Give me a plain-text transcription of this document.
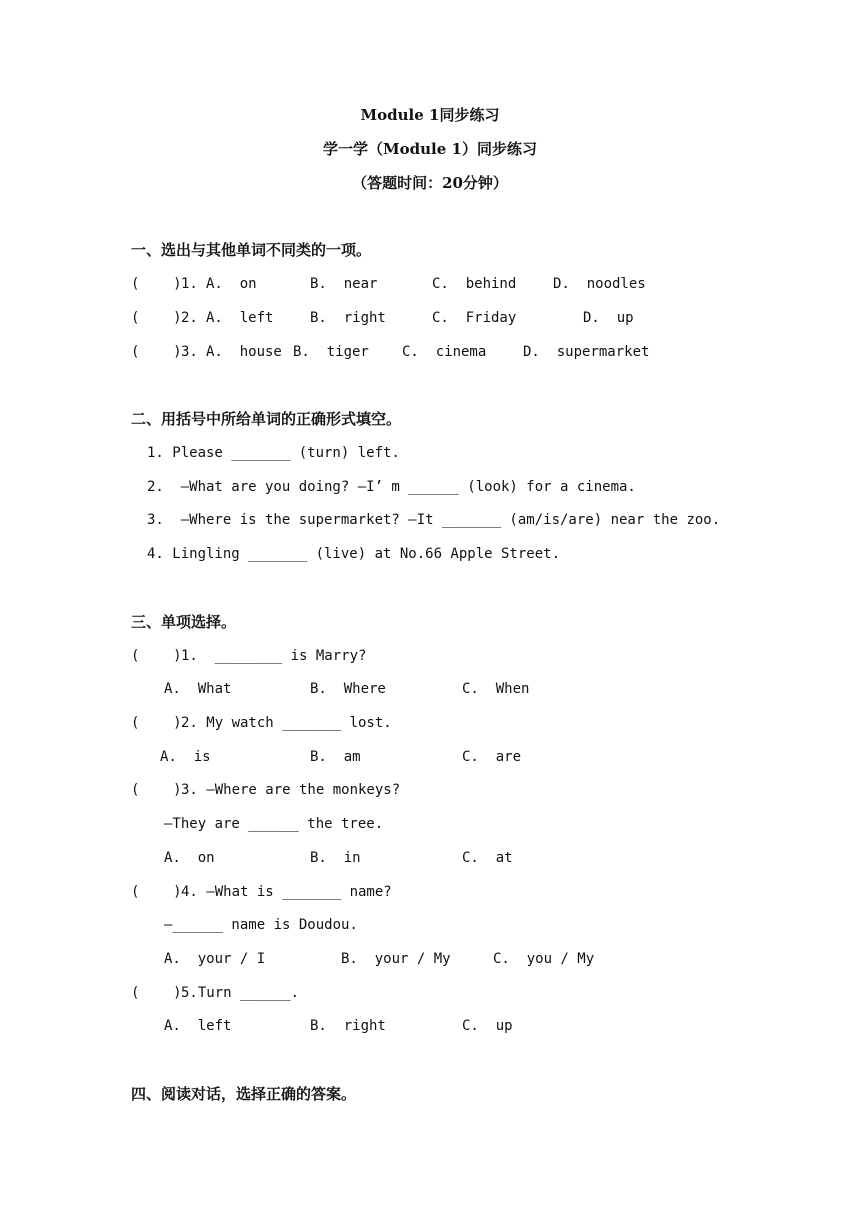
Module 1同步练习
学一学（Module 1）同步练习
（答题时间：20分钟）
一、选出与其他单词不同类的一项。
(    ) 1. A.  on	B.  near	C.  behind	D.  noodles
(    ) 2. A.  left	B.  right	C.  Friday	D.  up
(    ) 3. A.  house B.  tiger C.  cinema	D.  supermarket
二、用括号中所给单词的正确形式填空。
1. Please _______ (turn) left.
2.  —What are you doing? —I’ m ______ (look) for a cinema.
3.  —Where is the supermarket? —It _______ (am/is/are) near the zoo.
4. Lingling _______ (live) at No.66 Apple Street.
三、单项选择。
(    ) 1.  ________ is Marry?
A.  What	B.  Where	C.  When
(    ) 2. My watch _______ lost.
A.  is	B.  am	C.  are
(    ) 3. —Where are the monkeys?
—They are ______ the tree.
A.  on	B.  in	C.  at
(    ) 4. —What is _______ name?
—______ name is Doudou.
A.  your / I	B.  your / My	C.  you / My
(    ) 5.Turn ______.
A.  left	B.  right	C.  up
四、阅读对话，选择正确的答案。
